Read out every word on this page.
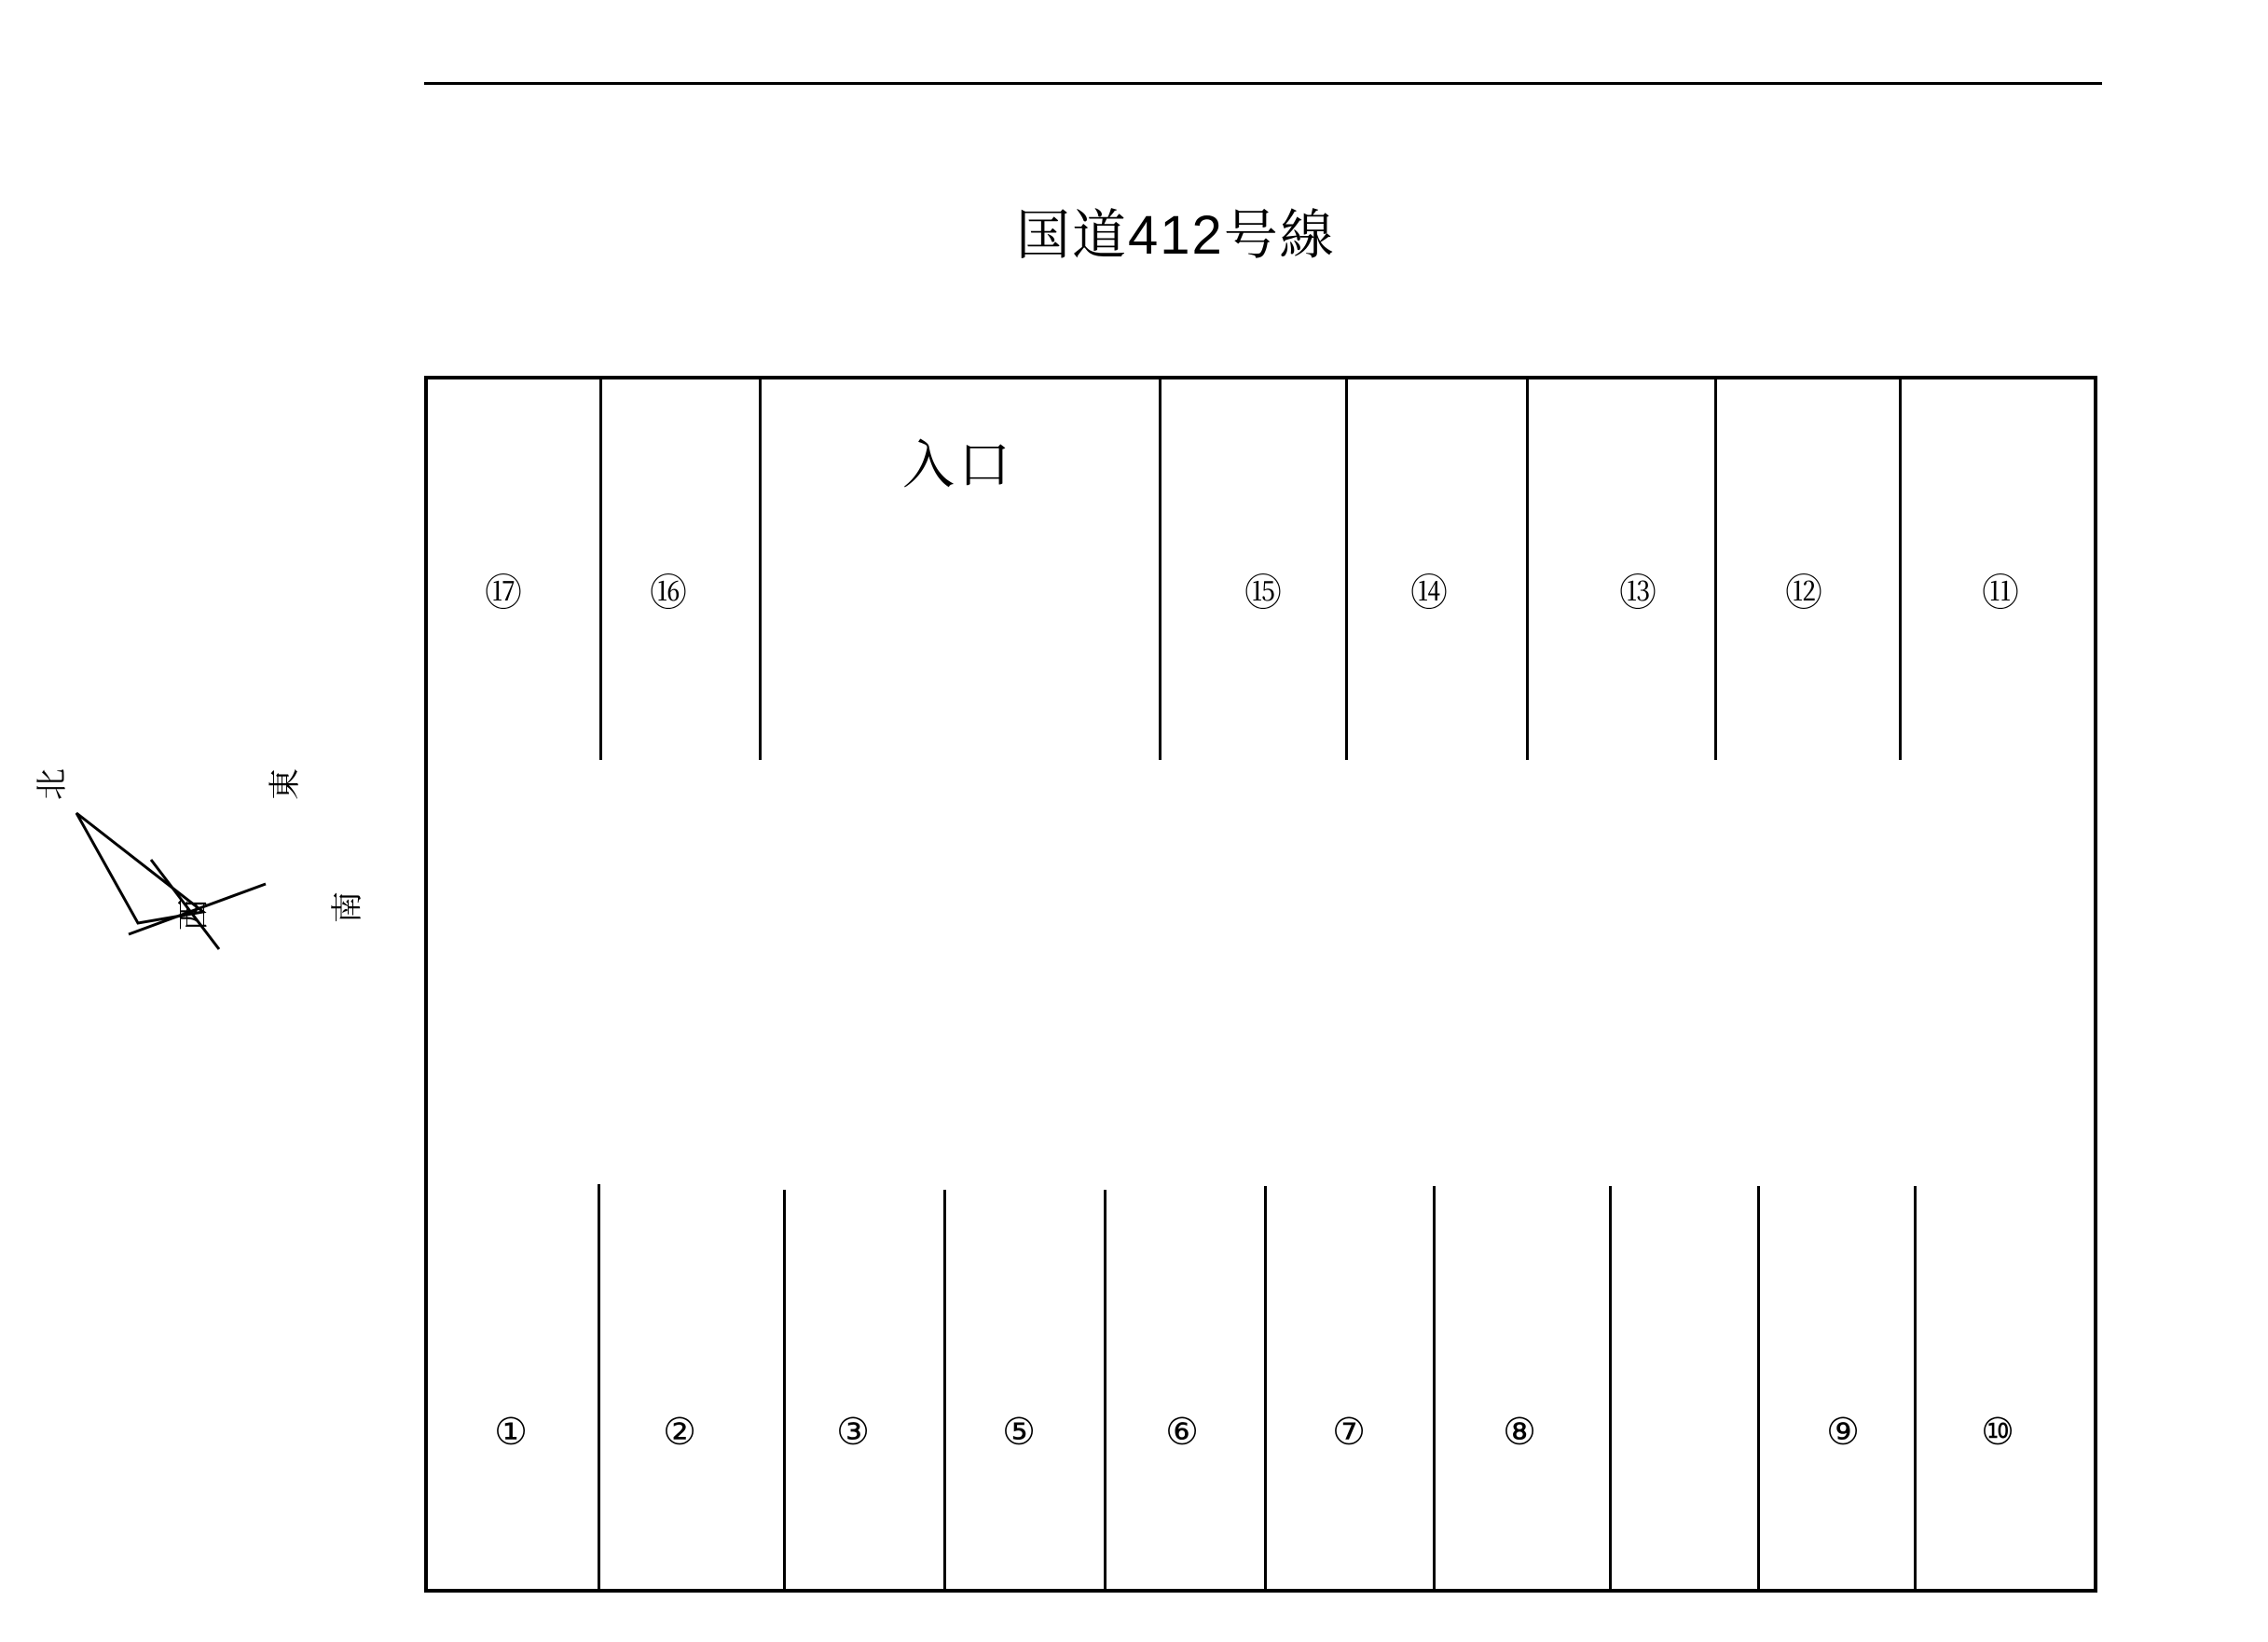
国道412号線
入口
北	東
西	南
⑰	⑯	⑮	⑭	⑬	⑫	⑪
①	②	③	⑤	⑥	⑦	⑧	⑨	⑩
